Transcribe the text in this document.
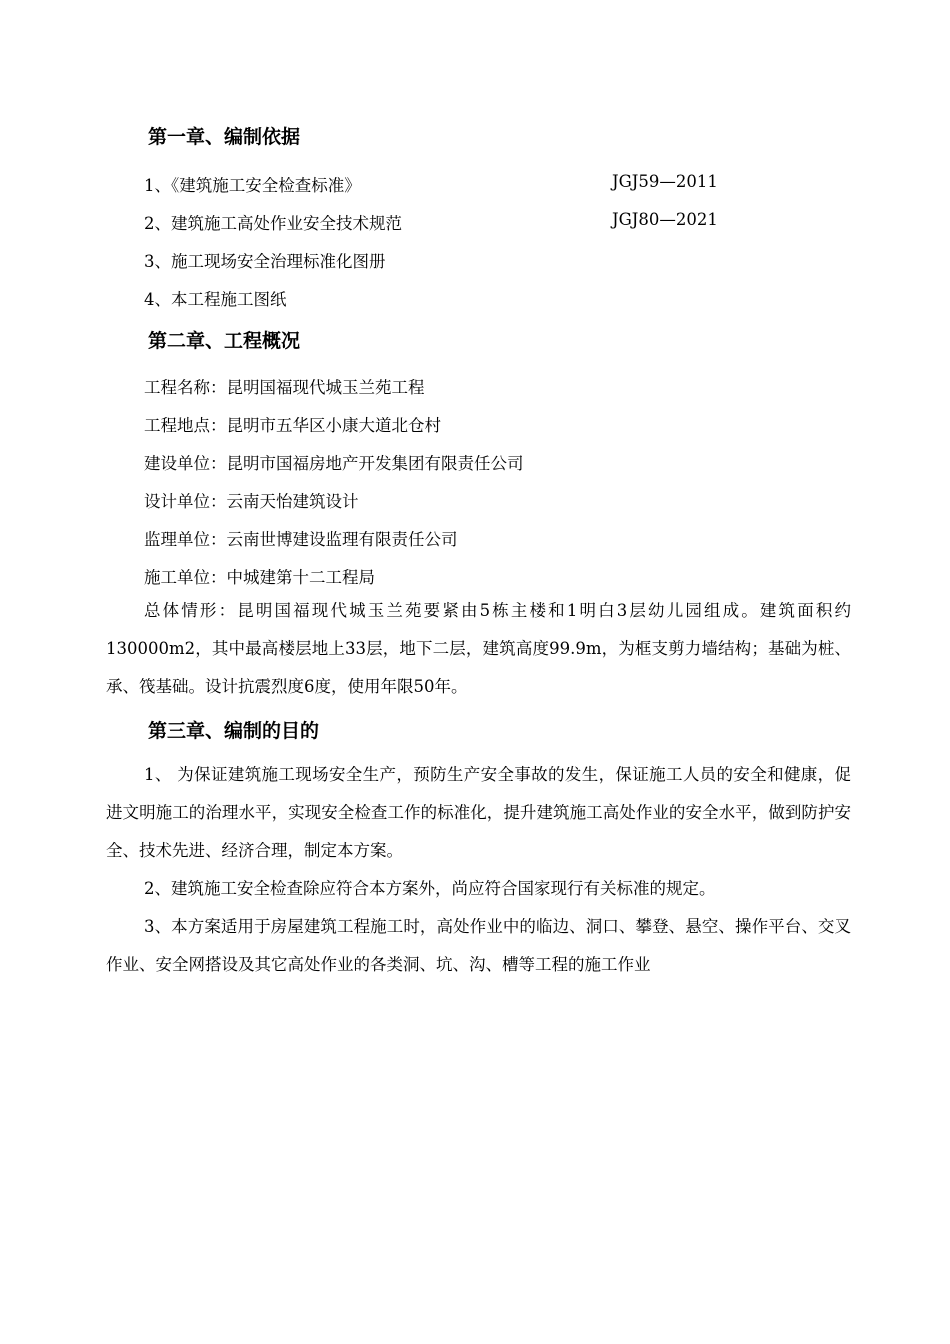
第一章、编制依据
1、《建筑施工安全检查标准》	JGJ59—2011
2、建筑施工高处作业安全技术规范	JGJ80—2021
3、施工现场安全治理标准化图册
4、本工程施工图纸
第二章、工程概况
工程名称：昆明国福现代城玉兰苑工程
工程地点：昆明市五华区小康大道北仓村
建设单位：昆明市国福房地产开发集团有限责任公司
设计单位：云南天怡建筑设计
监理单位：云南世博建设监理有限责任公司
施工单位：中城建第十二工程局
总体情形：昆明国福现代城玉兰苑要紧由5栋主楼和1明白3层幼儿园组成。建筑面积约130000m2，其中最高楼层地上33层，地下二层，建筑高度99.9m，为框支剪力墙结构；基础为桩、承、筏基础。设计抗震烈度6度，使用年限50年。
第三章、编制的目的
1、 为保证建筑施工现场安全生产，预防生产安全事故的发生，保证施工人员的安全和健康，促进文明施工的治理水平，实现安全检查工作的标准化，提升建筑施工高处作业的安全水平，做到防护安全、技术先进、经济合理，制定本方案。
2、建筑施工安全检查除应符合本方案外，尚应符合国家现行有关标准的规定。
3、本方案适用于房屋建筑工程施工时，高处作业中的临边、洞口、攀登、悬空、操作平台、交叉作业、安全网搭设及其它高处作业的各类洞、坑、沟、槽等工程的施工作业
